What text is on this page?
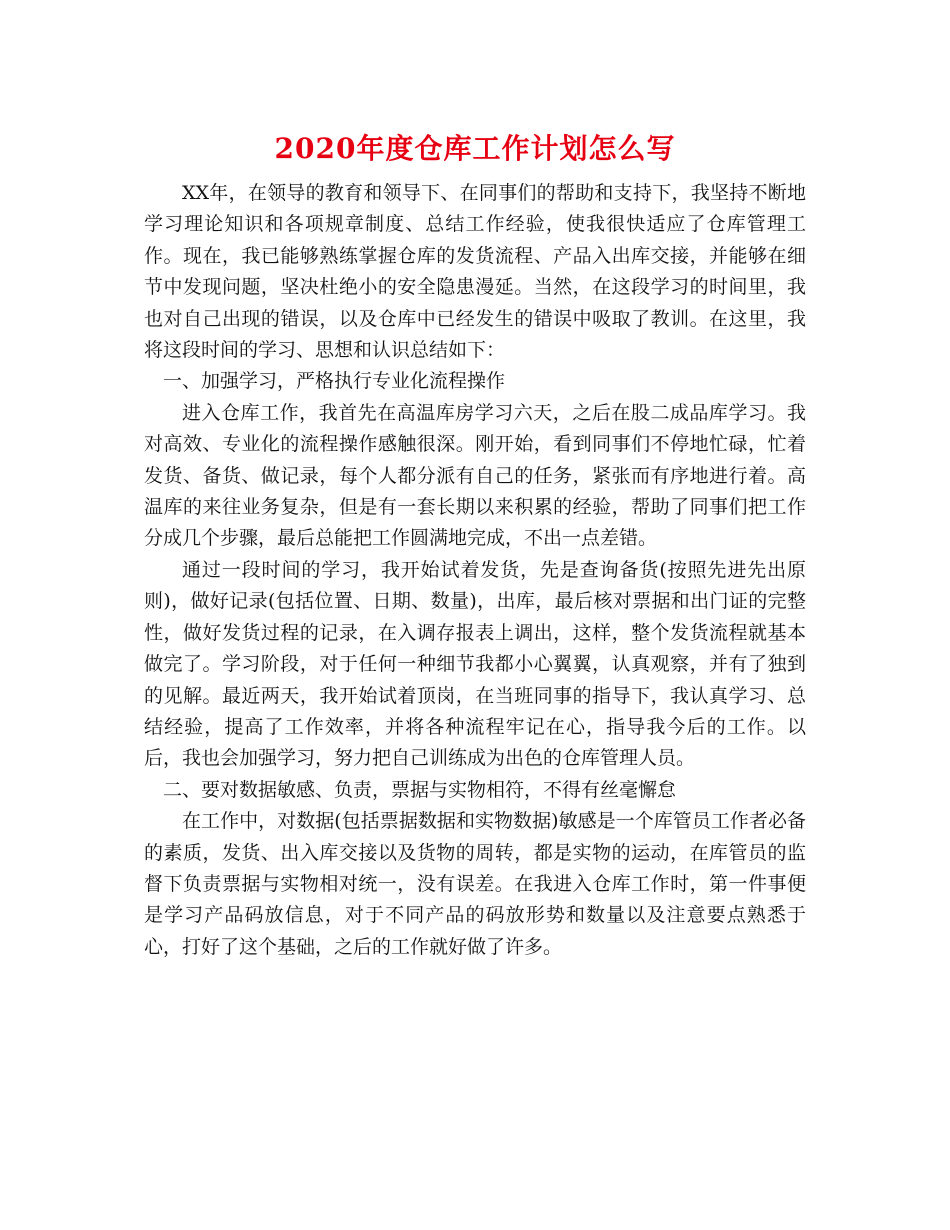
2020年度仓库工作计划怎么写

XX年，在领导的教育和领导下、在同事们的帮助和支持下，我坚持不断地学习理论知识和各项规章制度、总结工作经验，使我很快适应了仓库管理工作。现在，我已能够熟练掌握仓库的发货流程、产品入出库交接，并能够在细节中发现问题，坚决杜绝小的安全隐患漫延。当然，在这段学习的时间里，我也对自己出现的错误，以及仓库中已经发生的错误中吸取了教训。在这里，我将这段时间的学习、思想和认识总结如下：

一、加强学习，严格执行专业化流程操作

进入仓库工作，我首先在高温库房学习六天，之后在股二成品库学习。我对高效、专业化的流程操作感触很深。刚开始，看到同事们不停地忙碌，忙着发货、备货、做记录，每个人都分派有自己的任务，紧张而有序地进行着。高温库的来往业务复杂，但是有一套长期以来积累的经验，帮助了同事们把工作分成几个步骤，最后总能把工作圆满地完成，不出一点差错。

通过一段时间的学习，我开始试着发货，先是查询备货(按照先进先出原则)，做好记录(包括位置、日期、数量)，出库，最后核对票据和出门证的完整性，做好发货过程的记录，在入调存报表上调出，这样，整个发货流程就基本做完了。学习阶段，对于任何一种细节我都小心翼翼，认真观察，并有了独到的见解。最近两天，我开始试着顶岗，在当班同事的指导下，我认真学习、总结经验，提高了工作效率，并将各种流程牢记在心，指导我今后的工作。以后，我也会加强学习，努力把自己训练成为出色的仓库管理人员。

二、要对数据敏感、负责，票据与实物相符，不得有丝毫懈怠

在工作中，对数据(包括票据数据和实物数据)敏感是一个库管员工作者必备的素质，发货、出入库交接以及货物的周转，都是实物的运动，在库管员的监督下负责票据与实物相对统一，没有误差。在我进入仓库工作时，第一件事便是学习产品码放信息，对于不同产品的码放形势和数量以及注意要点熟悉于心，打好了这个基础，之后的工作就好做了许多。
